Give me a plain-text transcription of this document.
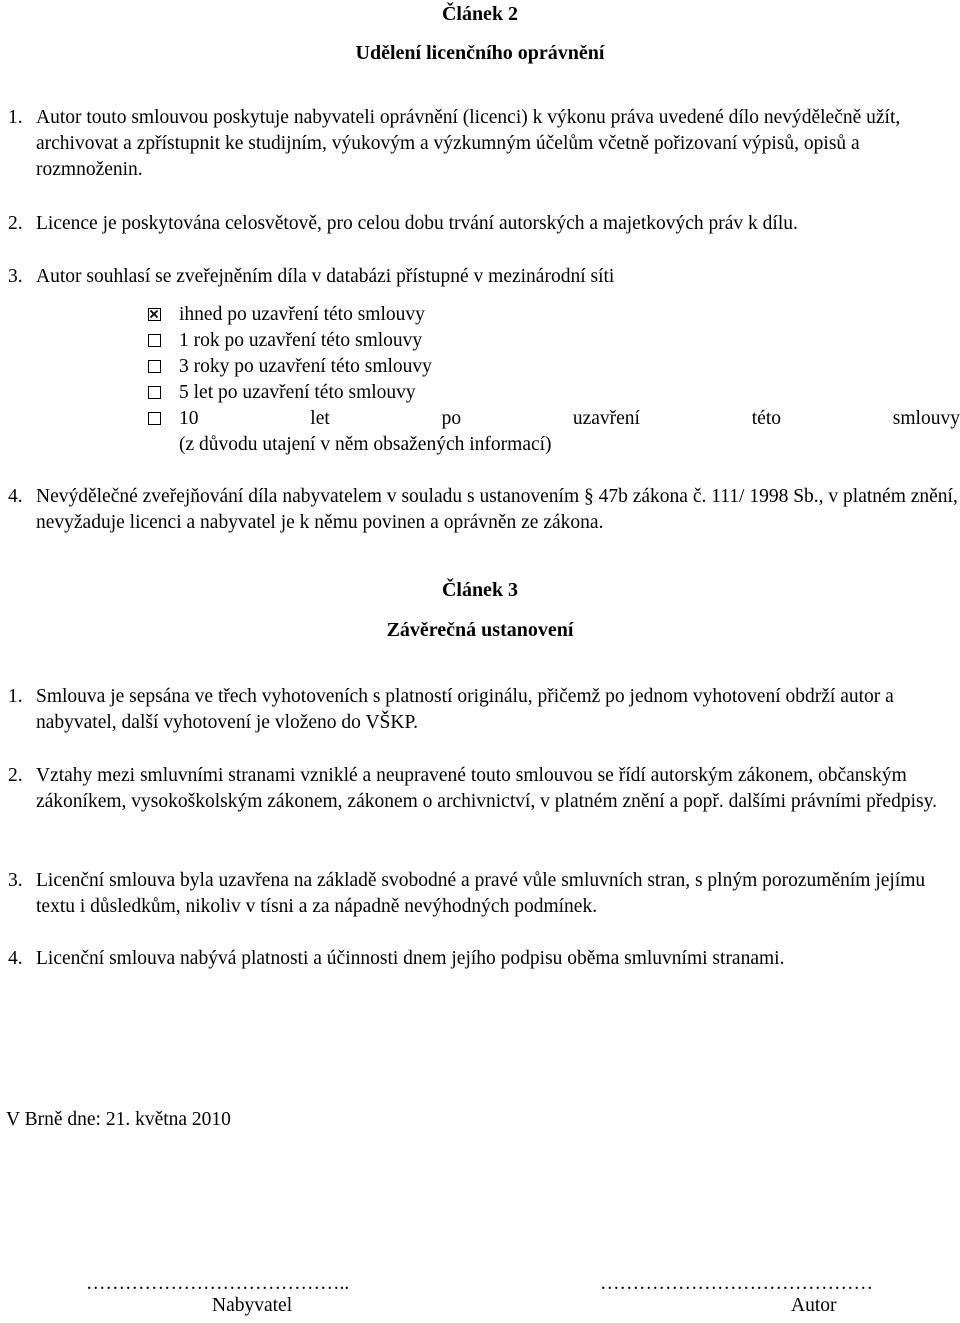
Článek 2
Udělení licenčního oprávnění
1. Autor touto smlouvou poskytuje nabyvateli oprávnění (licenci) k výkonu práva uvedené dílo nevýdělečně užít, archivovat a zpřístupnit ke studijním, výukovým a výzkumným účelům včetně pořizovaní výpisů, opisů a rozmnoženin.
2. Licence je poskytována celosvětově, pro celou dobu trvání autorských a majetkových práv k dílu.
3. Autor souhlasí se zveřejněním díla v databázi přístupné v mezinárodní síti
ihned po uzavření této smlouvy
1 rok po uzavření této smlouvy
3 roky po uzavření této smlouvy
5 let po uzavření této smlouvy
10	let	po	uzavření	této	smlouvy
(z důvodu utajení v něm obsažených informací)
4. Nevýdělečné zveřejňování díla nabyvatelem v souladu s ustanovením § 47b zákona č. 111/ 1998 Sb., v platném znění, nevyžaduje licenci a nabyvatel je k němu povinen a oprávněn ze zákona.
Článek 3
Závěrečná ustanovení
1. Smlouva je sepsána ve třech vyhotoveních s platností originálu, přičemž po jednom vyhotovení obdrží autor a nabyvatel, další vyhotovení je vloženo do VŠKP.
2. Vztahy mezi smluvními stranami vzniklé a neupravené touto smlouvou se řídí autorským zákonem, občanským zákoníkem, vysokoškolským zákonem, zákonem o archivnictví, v platném znění a popř. dalšími právními předpisy.
3. Licenční smlouva byla uzavřena na základě svobodné a pravé vůle smluvních stran, s plným porozuměním jejímu textu i důsledkům, nikoliv v tísni a za nápadně nevýhodných podmínek.
4. Licenční smlouva nabývá platnosti a účinnosti dnem jejího podpisu oběma smluvními stranami.
V Brně dne: 21. května 2010
…………………………………..
Nabyvatel
……………………………………
Autor
